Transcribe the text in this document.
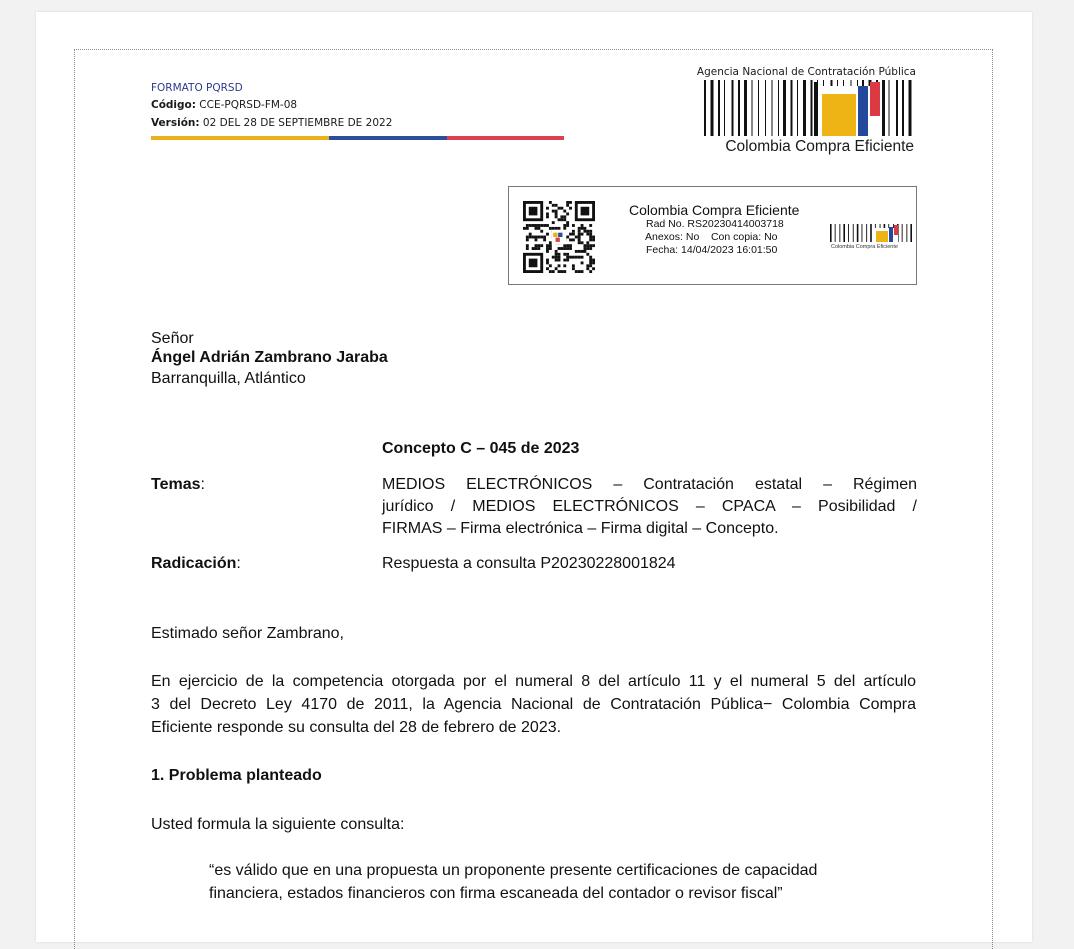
FORMATO PQRSD
Código: CCE-PQRSD-FM-08
Versión: 02 DEL 28 DE SEPTIEMBRE DE 2022
Agencia Nacional de Contratación Pública
Colombia Compra Eficiente
Colombia Compra Eficiente
Rad No. RS20230414003718
Anexos: No    Con copia: No
Fecha: 14/04/2023 16:01:50	Colombia Compra Eficiente
Señor
Ángel Adrián Zambrano Jaraba
Barranquilla, Atlántico
Concepto C – 045 de 2023
Temas:	MEDIOS ELECTRÓNICOS – Contratación estatal – Régimen
jurídico / MEDIOS ELECTRÓNICOS – CPACA – Posibilidad /
FIRMAS – Firma electrónica – Firma digital – Concepto.
Radicación:	Respuesta a consulta P20230228001824
Estimado señor Zambrano,
En ejercicio de la competencia otorgada por el numeral 8 del artículo 11 y el numeral 5 del artículo
3 del Decreto Ley 4170 de 2011, la Agencia Nacional de Contratación Pública− Colombia Compra
Eficiente responde su consulta del 28 de febrero de 2023.
1. Problema planteado
Usted formula la siguiente consulta:
“es válido que en una propuesta un proponente presente certificaciones de capacidad
financiera, estados financieros con firma escaneada del contador o revisor fiscal”
